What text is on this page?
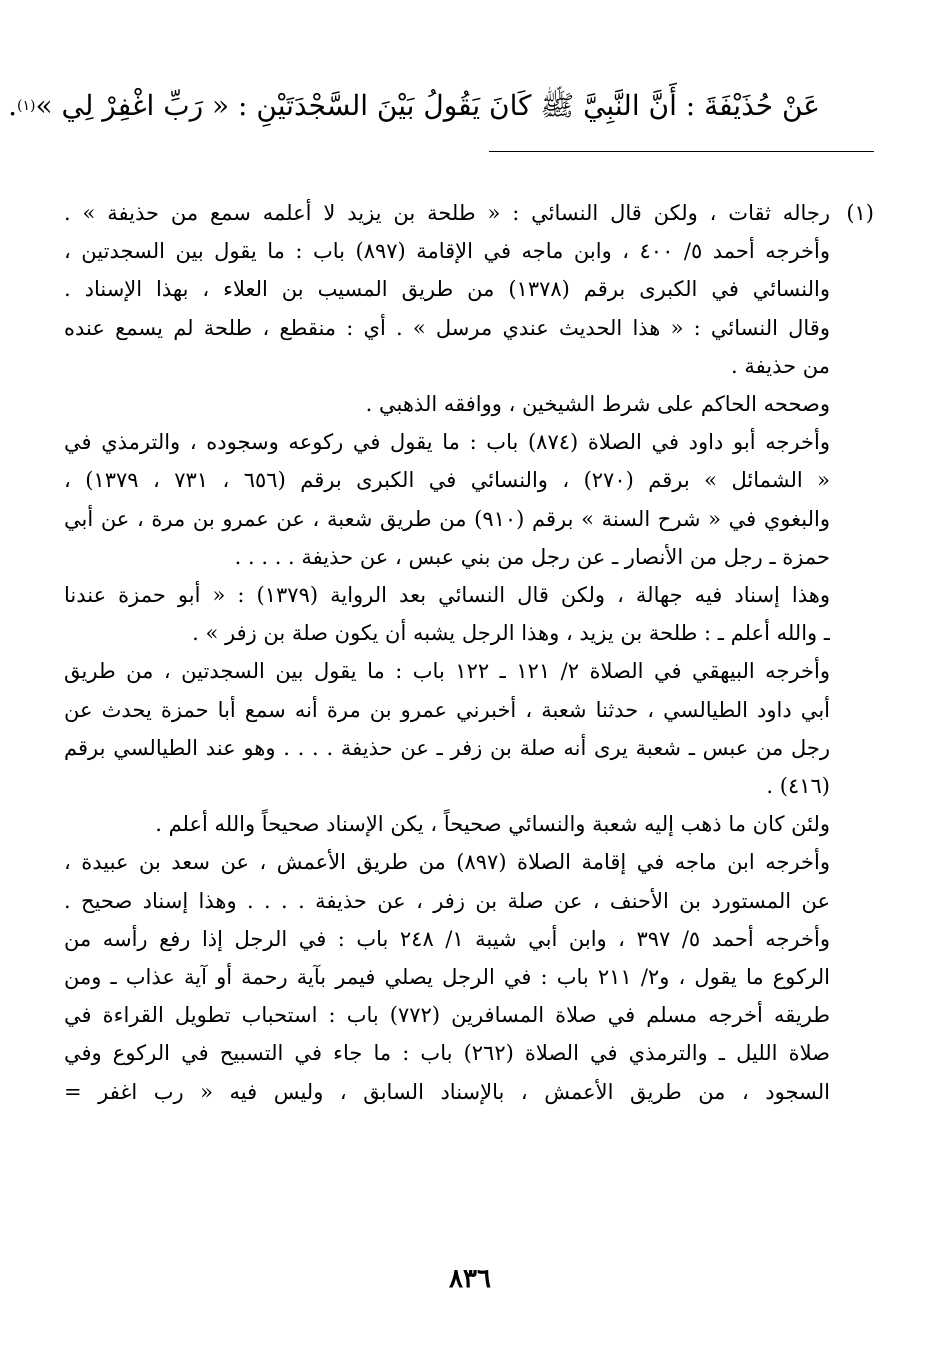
عَنْ حُذَيْفَةَ : أَنَّ النَّبِيَّ ﷺ كَانَ يَقُولُ بَيْنَ السَّجْدَتَيْنِ : « رَبِّ اغْفِرْ لِي »$^{(١)}$.
(١)
رجاله ثقات ، ولكن قال النسائي : « طلحة بن يزيد لا أعلمه سمع من حذيفة » .
وأخرجه أحمد ٥/ ٤٠٠ ، وابن ماجه في الإقامة (٨٩٧) باب : ما يقول بين السجدتين ،
والنسائي في الكبرى برقم (١٣٧٨) من طريق المسيب بن العلاء ، بهذا الإسناد .
وقال النسائي : « هذا الحديث عندي مرسل » . أي : منقطع ، طلحة لم يسمع عنده
من حذيفة .
وصححه الحاكم على شرط الشيخين ، ووافقه الذهبي .
وأخرجه أبو داود في الصلاة (٨٧٤) باب : ما يقول في ركوعه وسجوده ، والترمذي في
« الشمائل » برقم (٢٧٠) ، والنسائي في الكبرى برقم (٦٥٦ ، ٧٣١ ، ١٣٧٩) ،
والبغوي في « شرح السنة » برقم (٩١٠) من طريق شعبة ، عن عمرو بن مرة ، عن أبي
حمزة ـ رجل من الأنصار ـ عن رجل من بني عبس ، عن حذيفة . . . . .
وهذا إسناد فيه جهالة ، ولكن قال النسائي بعد الرواية (١٣٧٩) : « أبو حمزة عندنا
ـ والله أعلم ـ : طلحة بن يزيد ، وهذا الرجل يشبه أن يكون صلة بن زفر » .
وأخرجه البيهقي في الصلاة ٢/ ١٢١ ـ ١٢٢ باب : ما يقول بين السجدتين ، من طريق
أبي داود الطيالسي ، حدثنا شعبة ، أخبرني عمرو بن مرة أنه سمع أبا حمزة يحدث عن
رجل من عبس ـ شعبة يرى أنه صلة بن زفر ـ عن حذيفة . . . . وهو عند الطيالسي برقم
(٤١٦) .
ولئن كان ما ذهب إليه شعبة والنسائي صحيحاً ، يكن الإسناد صحيحاً والله أعلم .
وأخرجه ابن ماجه في إقامة الصلاة (٨٩٧) من طريق الأعمش ، عن سعد بن عبيدة ،
عن المستورد بن الأحنف ، عن صلة بن زفر ، عن حذيفة . . . . وهذا إسناد صحيح .
وأخرجه أحمد ٥/ ٣٩٧ ، وابن أبي شيبة ١/ ٢٤٨ باب : في الرجل إذا رفع رأسه من
الركوع ما يقول ، و٢/ ٢١١ باب : في الرجل يصلي فيمر بآية رحمة أو آية عذاب ـ ومن
طريقه أخرجه مسلم في صلاة المسافرين (٧٧٢) باب : استحباب تطويل القراءة في
صلاة الليل ـ والترمذي في الصلاة (٢٦٢) باب : ما جاء في التسبيح في الركوع وفي
السجود ، من طريق الأعمش ، بالإسناد السابق ، وليس فيه « رب اغفر =
٨٣٦
